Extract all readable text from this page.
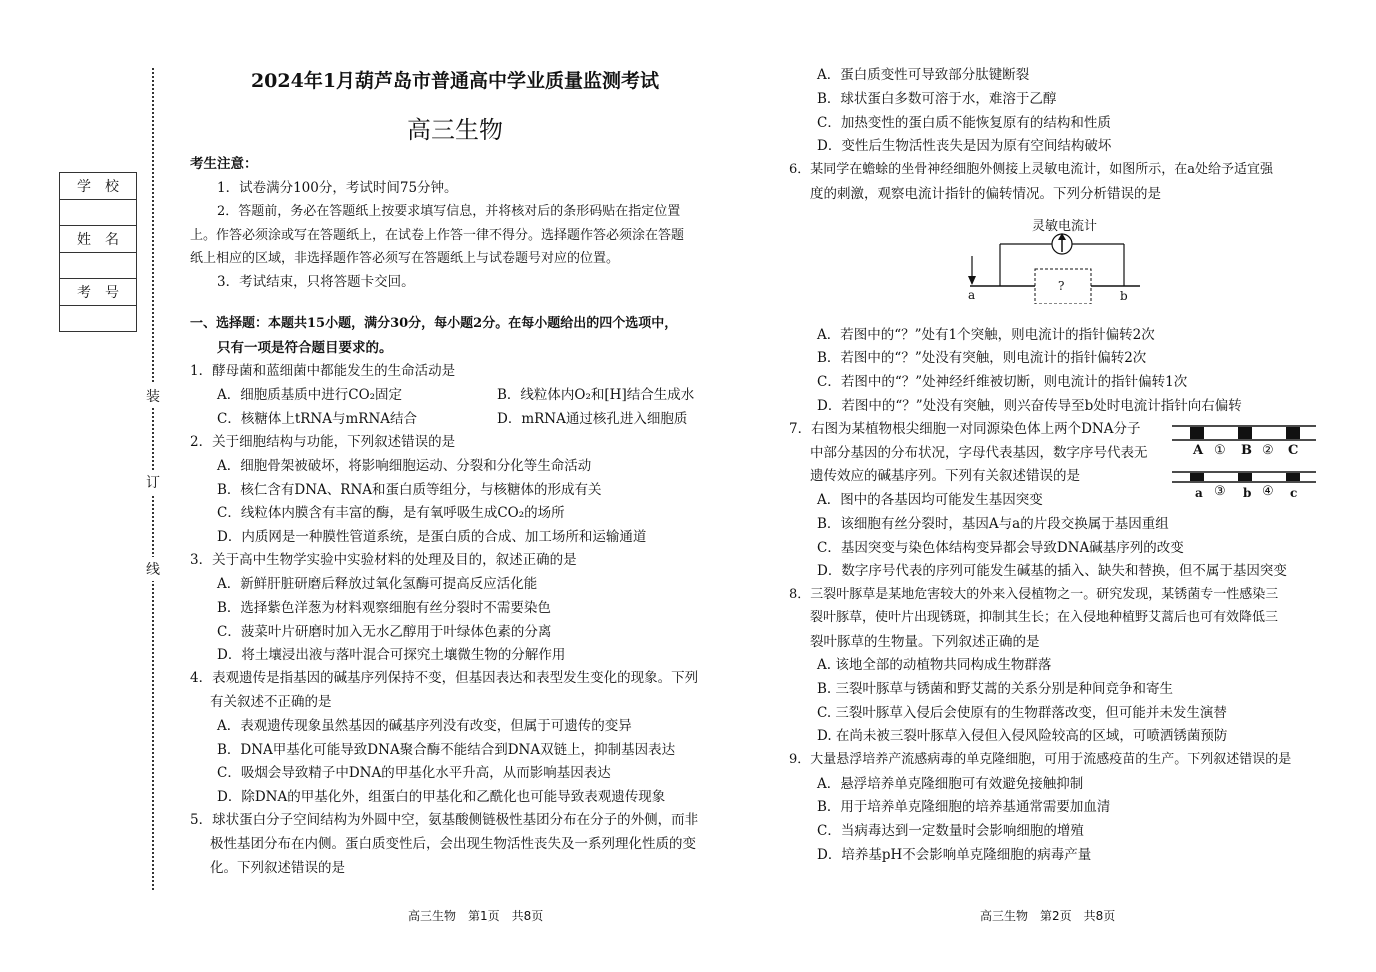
装
订
线
学　校

姓　名

考　号

2024年1月葫芦岛市普通高中学业质量监测考试
高三生物
考生注意：
1．试卷满分100分，考试时间75分钟。
2．答题前，务必在答题纸上按要求填写信息，并将核对后的条形码贴在指定位置
上。作答必须涂或写在答题纸上，在试卷上作答一律不得分。选择题作答必须涂在答题
纸上相应的区域，非选择题作答必须写在答题纸上与试卷题号对应的位置。
3．考试结束，只将答题卡交回。
一、选择题：本题共15小题，满分30分，每小题2分。在每小题给出的四个选项中，
只有一项是符合题目要求的。
1．酵母菌和蓝细菌中都能发生的生命活动是
A．细胞质基质中进行CO₂固定	B．线粒体内O₂和[H]结合生成水
C．核糖体上tRNA与mRNA结合	D．mRNA通过核孔进入细胞质
2．关于细胞结构与功能，下列叙述错误的是
A．细胞骨架被破坏，将影响细胞运动、分裂和分化等生命活动
B．核仁含有DNA、RNA和蛋白质等组分，与核糖体的形成有关
C．线粒体内膜含有丰富的酶，是有氧呼吸生成CO₂的场所
D．内质网是一种膜性管道系统，是蛋白质的合成、加工场所和运输通道
3．关于高中生物学实验中实验材料的处理及目的，叙述正确的是
A．新鲜肝脏研磨后释放过氧化氢酶可提高反应活化能
B．选择紫色洋葱为材料观察细胞有丝分裂时不需要染色
C．菠菜叶片研磨时加入无水乙醇用于叶绿体色素的分离
D．将土壤浸出液与落叶混合可探究土壤微生物的分解作用
4．表观遗传是指基因的碱基序列保持不变，但基因表达和表型发生变化的现象。下列
有关叙述不正确的是
A．表观遗传现象虽然基因的碱基序列没有改变，但属于可遗传的变异
B．DNA甲基化可能导致DNA聚合酶不能结合到DNA双链上，抑制基因表达
C．吸烟会导致精子中DNA的甲基化水平升高，从而影响基因表达
D．除DNA的甲基化外，组蛋白的甲基化和乙酰化也可能导致表观遗传现象
5．球状蛋白分子空间结构为外圆中空，氨基酸侧链极性基团分布在分子的外侧，而非
极性基团分布在内侧。蛋白质变性后，会出现生物活性丧失及一系列理化性质的变
化。下列叙述错误的是
高三生物　第1页　共8页
A．蛋白质变性可导致部分肽键断裂
B．球状蛋白多数可溶于水，难溶于乙醇
C．加热变性的蛋白质不能恢复原有的结构和性质
D．变性后生物活性丧失是因为原有空间结构破坏
6．某同学在蟾蜍的坐骨神经细胞外侧接上灵敏电流计，如图所示，在a处给予适宜强
度的刺激，观察电流计指针的偏转情况。下列分析错误的是
灵敏电流计
a	b
?
A．若图中的“？”处有1个突触，则电流计的指针偏转2次
B．若图中的“？”处没有突触，则电流计的指针偏转2次
C．若图中的“？”处神经纤维被切断，则电流计的指针偏转1次
D．若图中的“？”处没有突触，则兴奋传导至b处时电流计指针向右偏转
7．右图为某植物根尖细胞一对同源染色体上两个DNA分子
中部分基因的分布状况，字母代表基因，数字序号代表无
遗传效应的碱基序列。下列有关叙述错误的是
A ① B ② C
a ③ b ④ c
A．图中的各基因均可能发生基因突变
B．该细胞有丝分裂时，基因A与a的片段交换属于基因重组
C．基因突变与染色体结构变异都会导致DNA碱基序列的改变
D．数字序号代表的序列可能发生碱基的插入、缺失和替换，但不属于基因突变
8．三裂叶豚草是某地危害较大的外来入侵植物之一。研究发现，某锈菌专一性感染三
裂叶豚草，使叶片出现锈斑，抑制其生长；在入侵地种植野艾蒿后也可有效降低三
裂叶豚草的生物量。下列叙述正确的是
A. 该地全部的动植物共同构成生物群落
B. 三裂叶豚草与锈菌和野艾蒿的关系分别是种间竞争和寄生
C. 三裂叶豚草入侵后会使原有的生物群落改变，但可能并未发生演替
D. 在尚未被三裂叶豚草入侵但入侵风险较高的区域，可喷洒锈菌预防
9．大量悬浮培养产流感病毒的单克隆细胞，可用于流感疫苗的生产。下列叙述错误的是
A．悬浮培养单克隆细胞可有效避免接触抑制
B．用于培养单克隆细胞的培养基通常需要加血清
C．当病毒达到一定数量时会影响细胞的增殖
D．培养基pH不会影响单克隆细胞的病毒产量
高三生物　第2页　共8页
